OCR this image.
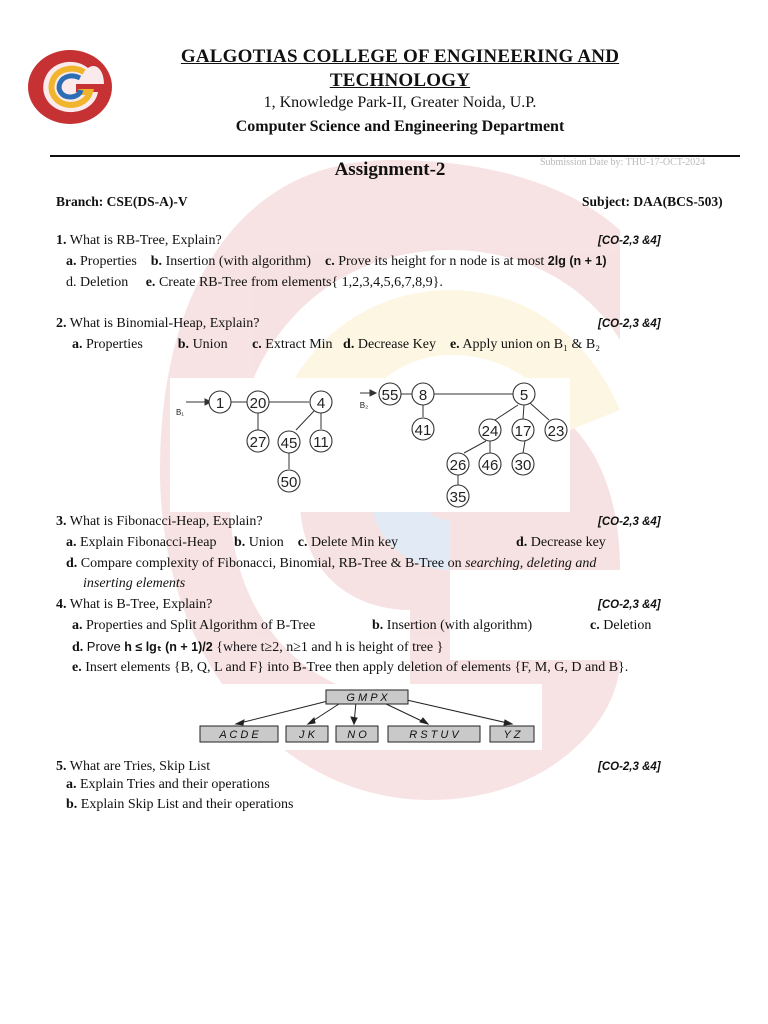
GALGOTIAS COLLEGE OF ENGINEERING AND
TECHNOLOGY
1, Knowledge Park-II, Greater Noida, U.P.
Computer Science and Engineering Department
Assignment-2	Submission Date by: THU-17-OCT-2024
Branch: CSE(DS-A)-V	Subject: DAA(BCS-503)
1. What is RB-Tree, Explain?	[CO-2,3 &4]
a. Properties b. Insertion (with algorithm) c. Prove its height for n node is at most 2lg (n + 1)
d. Deletion e. Create RB-Tree from elements{ 1,2,3,4,5,6,7,8,9}.
2. What is Binomial-Heap, Explain?	[CO-2,3 &4]
a. Properties	b. Union c. Extract Min d. Decrease Key e. Apply union on B₁ & B₂
B₁
1 20	4
27 45 11
50
B₂
55 8	5
41	24 17 23
26 46 30
35
3. What is Fibonacci-Heap, Explain?	[CO-2,3 &4]
a. Explain Fibonacci-Heap b. Union c. Delete Min key	d. Decrease key
d. Compare complexity of Fibonacci, Binomial, RB-Tree & B-Tree on searching, deleting and
inserting elements
4. What is B-Tree, Explain?	[CO-2,3 &4]
a. Properties and Split Algorithm of B-Tree	b. Insertion (with algorithm)	c. Deletion
d. Prove h ≤ lgₜ (n + 1)/2 {where t≥2, n≥1 and h is height of tree }
e. Insert elements {B, Q, L and F} into B-Tree then apply deletion of elements {F, M, G, D and B}.
G M P X
A C D E	J K	N O	R S T U V	Y Z
5. What are Tries, Skip List	[CO-2,3 &4]
a. Explain Tries and their operations
b. Explain Skip List and their operations
